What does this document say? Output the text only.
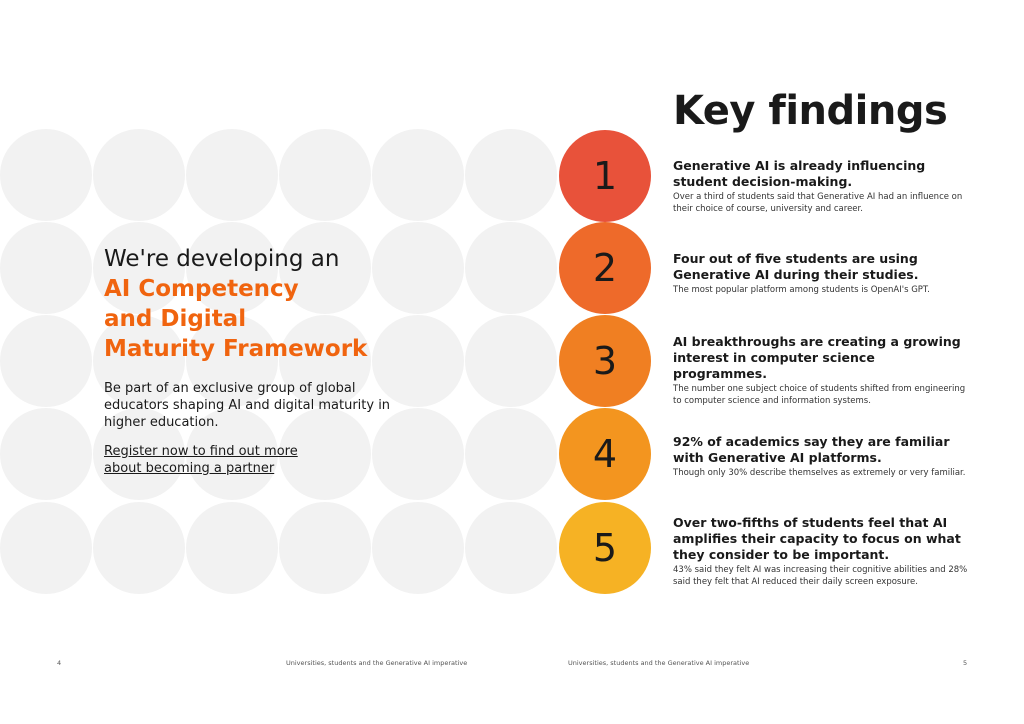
We're developing an

AI Competency

and Digital

Maturity Framework

Be part of an exclusive group of global educators shaping AI and digital maturity in higher education.
Register now to find out more about becoming a partner
Key findings
1
2
3
4
5

Generative AI is already influencing student decision-making.

Over a third of students said that Generative AI had an influence on their choice of course, university and career.

Four out of five students are using Generative AI during their studies.

The most popular platform among students is OpenAI's GPT.

AI breakthroughs are creating a growing interest in computer science programmes.

The number one subject choice of students shifted from engineering to computer science and information systems.

92% of academics say they are familiar with Generative AI platforms.

Though only 30% describe themselves as extremely or very familiar.

Over two-fifths of students feel that AI amplifies their capacity to focus on what they consider to be important.

43% said they felt AI was increasing their cognitive abilities and 28% said they felt that AI reduced their daily screen exposure.

4	Universities, students and the Generative AI imperative	Universities, students and the Generative AI imperative	5
